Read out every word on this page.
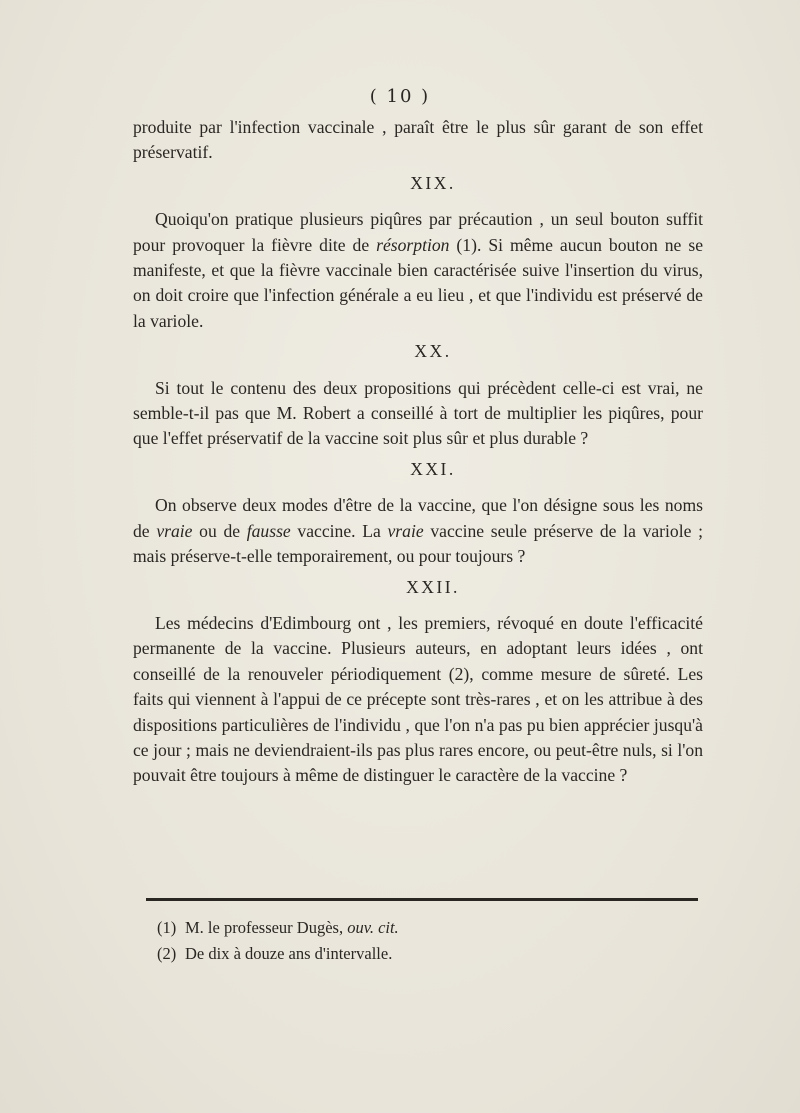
( 10 )

produite par l'infection vaccinale , paraît être le plus sûr garant de son effet préservatif.

XIX.

Quoiqu'on pratique plusieurs piqûres par précaution , un seul bouton suffit pour provoquer la fièvre dite de résorption (1). Si même aucun bouton ne se manifeste, et que la fièvre vaccinale bien caractérisée suive l'insertion du virus, on doit croire que l'infection générale a eu lieu , et que l'individu est préservé de la variole.

XX.

Si tout le contenu des deux propositions qui précèdent celle-ci est vrai, ne semble-t-il pas que M. Robert a conseillé à tort de multiplier les piqûres, pour que l'effet préservatif de la vaccine soit plus sûr et plus durable ?

XXI.

On observe deux modes d'être de la vaccine, que l'on désigne sous les noms de vraie ou de fausse vaccine. La vraie vaccine seule préserve de la variole ; mais préserve-t-elle temporairement, ou pour toujours ?

XXII.

Les médecins d'Edimbourg ont , les premiers, révoqué en doute l'efficacité permanente de la vaccine. Plusieurs auteurs, en adoptant leurs idées , ont conseillé de la renouveler périodiquement (2), comme mesure de sûreté. Les faits qui viennent à l'appui de ce précepte sont très-rares , et on les attribue à des dispositions particulières de l'individu , que l'on n'a pas pu bien apprécier jusqu'à ce jour ; mais ne deviendraient-ils pas plus rares encore, ou peut-être nuls, si l'on pouvait être toujours à même de distinguer le caractère de la vaccine ?

(1) M. le professeur Dugès, ouv. cit.

(2) De dix à douze ans d'intervalle.
